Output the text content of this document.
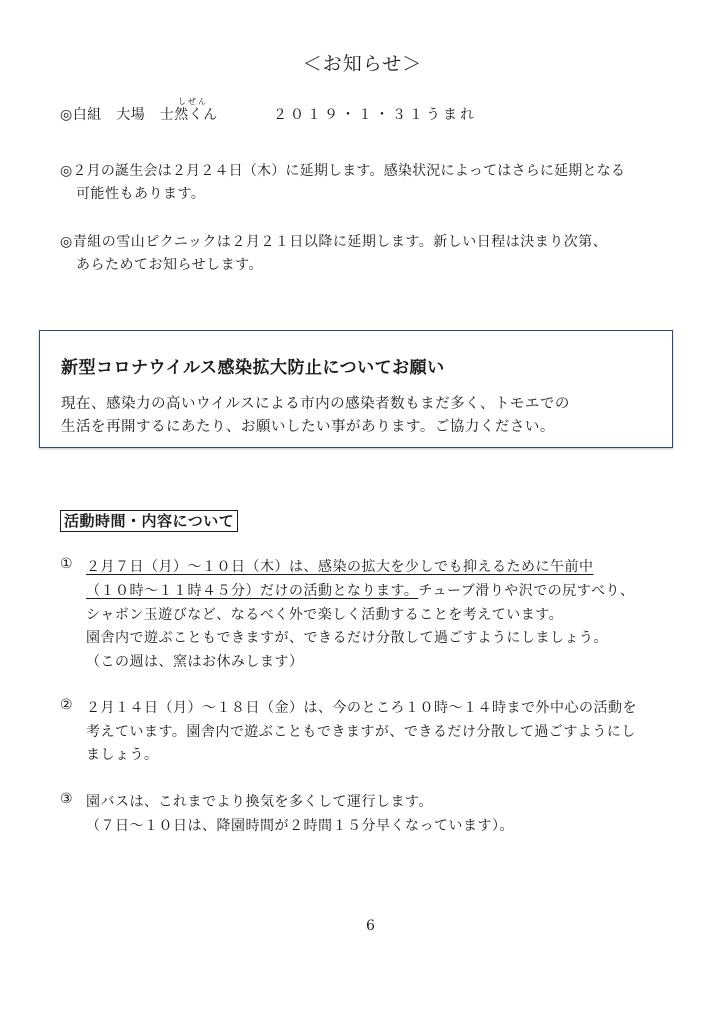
＜お知らせ＞
しぜん
◎白組　大場　士然くん	２０１９・１・３１うまれ
◎２月の誕生会は２月２４日（木）に延期します。感染状況によってはさらに延期となる
可能性もあります。
◎青組の雪山ピクニックは２月２１日以降に延期します。新しい日程は決まり次第、
あらためてお知らせします。
新型コロナウイルス感染拡大防止についてお願い
現在、感染力の高いウイルスによる市内の感染者数もまだ多く、トモエでの
生活を再開するにあたり、お願いしたい事があります。ご協力ください。
活動時間・内容について
① ２月７日（月）～１０日（木）は、感染の拡大を少しでも抑えるために午前中
（１０時～１１時４５分）だけの活動となります。チューブ滑りや沢での尻すべり、
シャボン玉遊びなど、なるべく外で楽しく活動することを考えています。
園舎内で遊ぶこともできますが、できるだけ分散して過ごすようにしましょう。
（この週は、窯はお休みします）
② ２月１４日（月）～１８日（金）は、今のところ１０時～１４時まで外中心の活動を
考えています。園舎内で遊ぶこともできますが、できるだけ分散して過ごすようにし
ましょう。
③ 園バスは、これまでより換気を多くして運行します。
（７日～１０日は、降園時間が２時間１５分早くなっています）。
6
